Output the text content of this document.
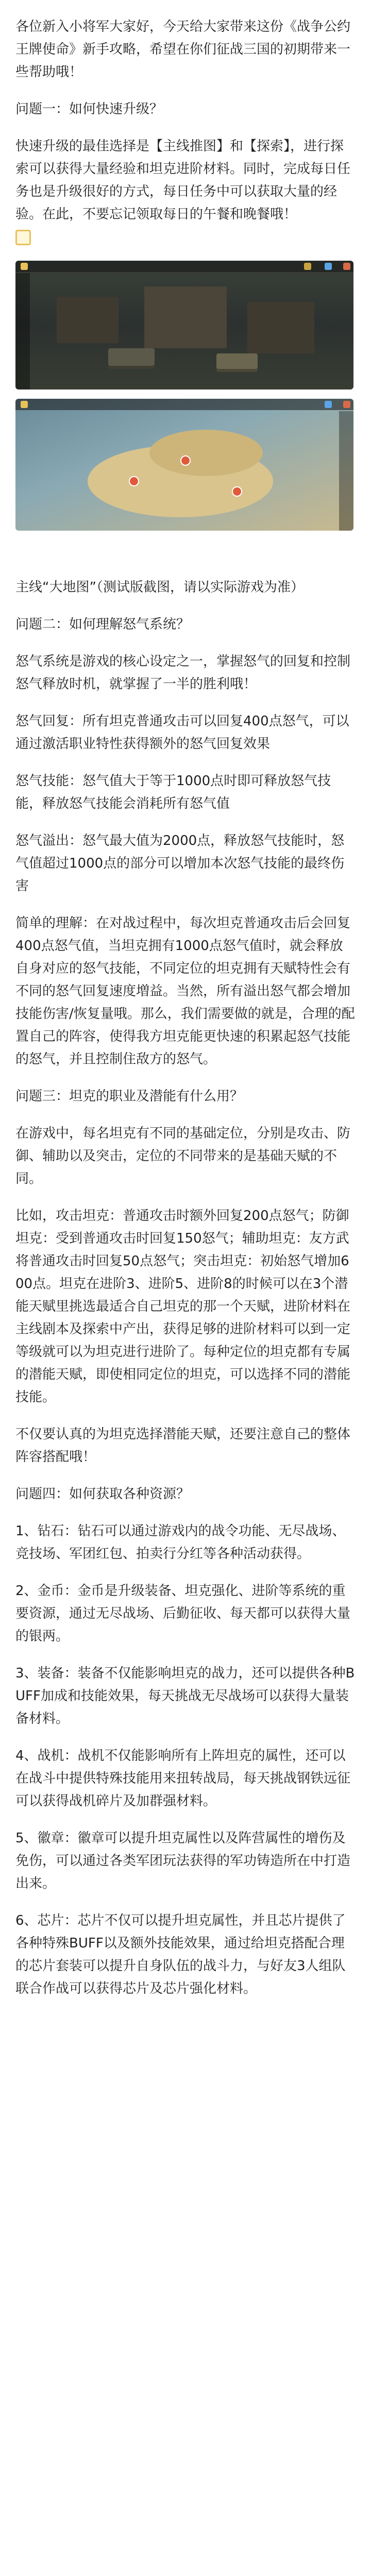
各位新入小将军大家好，今天给大家带来这份《战争公约王牌使命》新手攻略，希望在你们征战三国的初期带来一些帮助哦！

问题一：如何快速升级？

快速升级的最佳选择是【主线推图】和【探索】，进行探索可以获得大量经验和坦克进阶材料。同时，完成每日任务也是升级很好的方式，每日任务中可以获取大量的经验。在此，不要忘记领取每日的午餐和晚餐哦！

主线“大地图”（测试版截图，请以实际游戏为准）

问题二：如何理解怒气系统？

怒气系统是游戏的核心设定之一，掌握怒气的回复和控制怒气释放时机，就掌握了一半的胜利哦！

怒气回复：所有坦克普通攻击可以回复400点怒气，可以通过激活职业特性获得额外的怒气回复效果

怒气技能：怒气值大于等于1000点时即可释放怒气技能，释放怒气技能会消耗所有怒气值

怒气溢出：怒气最大值为2000点，释放怒气技能时，怒气值超过1000点的部分可以增加本次怒气技能的最终伤害

简单的理解：在对战过程中，每次坦克普通攻击后会回复400点怒气值，当坦克拥有1000点怒气值时，就会释放自身对应的怒气技能，不同定位的坦克拥有天赋特性会有不同的怒气回复速度増益。当然，所有溢出怒气都会增加技能伤害/恢复量哦。那么，我们需要做的就是，合理的配置自己的阵容，使得我方坦克能更快速的积累起怒气技能的怒气，并且控制住敌方的怒气。

问题三：坦克的职业及潜能有什么用？

在游戏中，每名坦克有不同的基础定位，分别是攻击、防御、辅助以及突击，定位的不同带来的是基础天赋的不同。

比如，攻击坦克：普通攻击时额外回复200点怒气；防御坦克：受到普通攻击时回复150怒气；辅助坦克：友方武将普通攻击时回复50点怒气；突击坦克：初始怒气增加600点。坦克在进阶3、进阶5、进阶8的时候可以在3个潜能天赋里挑选最适合自己坦克的那一个天赋，进阶材料在主线剧本及探索中产出，获得足够的进阶材料可以到一定等级就可以为坦克进行进阶了。每种定位的坦克都有专属的潜能天赋，即使相同定位的坦克，可以选择不同的潜能技能。

不仅要认真的为坦克选择潜能天赋，还要注意自己的整体阵容搭配哦！

问题四：如何获取各种资源？

1、钻石：钻石可以通过游戏内的战令功能、无尽战场、竞技场、军团红包、拍卖行分红等各种活动获得。

2、金币：金币是升级装备、坦克强化、进阶等系统的重要资源，通过无尽战场、后勤征收、每天都可以获得大量的银两。

3、装备：装备不仅能影响坦克的战力，还可以提供各种BUFF加成和技能效果，每天挑战无尽战场可以获得大量装备材料。

4、战机：战机不仅能影响所有上阵坦克的属性，还可以在战斗中提供特殊技能用来扭转战局，每天挑战钢铁远征可以获得战机碎片及加群强材料。

5、徽章：徽章可以提升坦克属性以及阵营属性的增伤及免伤，可以通过各类军团玩法获得的军功铸造所在中打造出来。

6、芯片：芯片不仅可以提升坦克属性，并且芯片提供了各种特殊BUFF以及额外技能效果，通过给坦克搭配合理的芯片套装可以提升自身队伍的战斗力，与好友3人组队联合作战可以获得芯片及芯片强化材料。
